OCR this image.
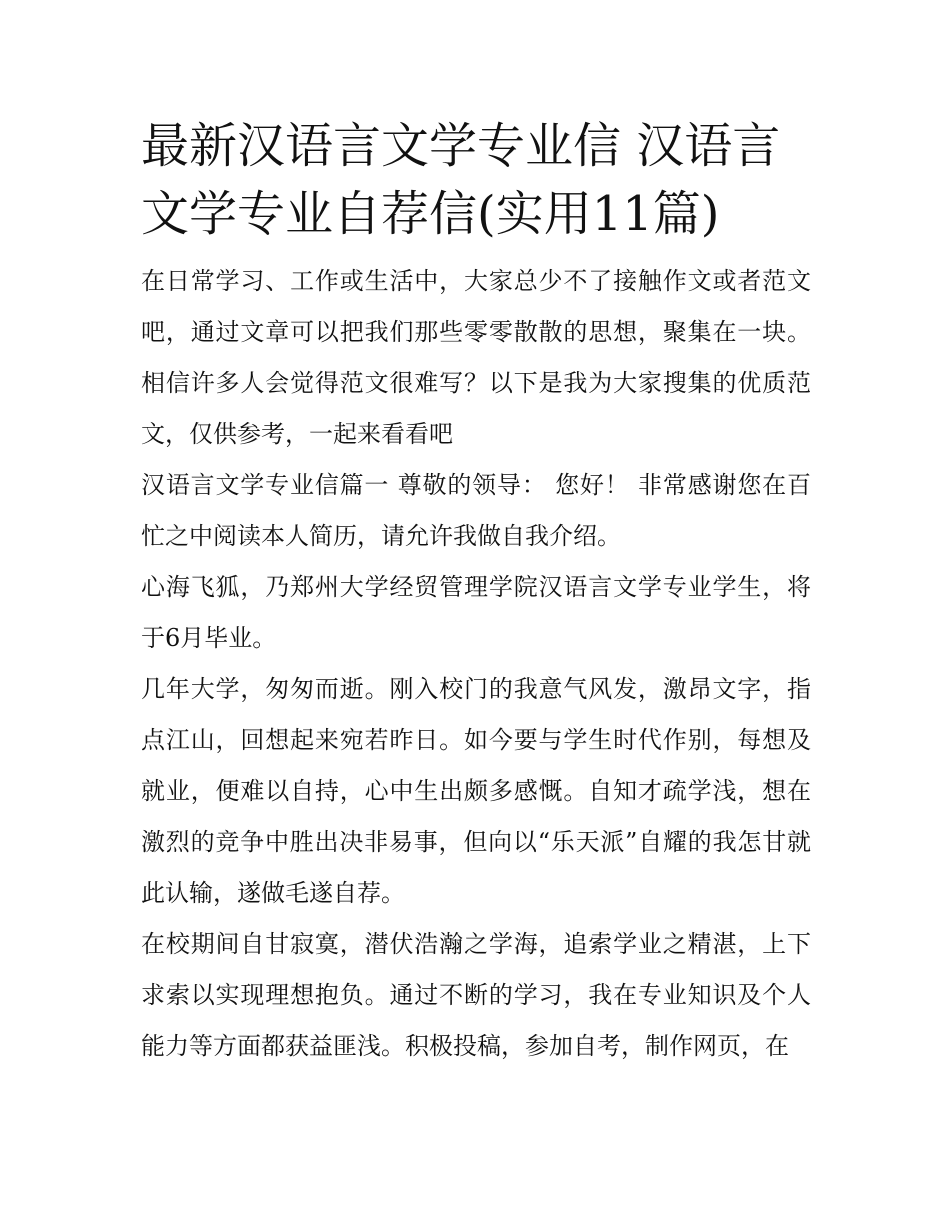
最新汉语言文学专业信 汉语言文学专业自荐信(实用11篇)

在日常学习、工作或生活中，大家总少不了接触作文或者范文吧，通过文章可以把我们那些零零散散的思想，聚集在一块。相信许多人会觉得范文很难写？以下是我为大家搜集的优质范文，仅供参考，一起来看看吧

汉语言文学专业信篇一 尊敬的领导： 您好！ 非常感谢您在百忙之中阅读本人简历，请允许我做自我介绍。

心海飞狐，乃郑州大学经贸管理学院汉语言文学专业学生，将于6月毕业。

几年大学，匆匆而逝。刚入校门的我意气风发，激昂文字，指点江山，回想起来宛若昨日。如今要与学生时代作别，每想及就业，便难以自持，心中生出颇多感慨。自知才疏学浅，想在激烈的竞争中胜出决非易事，但向以“乐天派”自耀的我怎甘就此认输，遂做毛遂自荐。

在校期间自甘寂寞，潜伏浩瀚之学海，追索学业之精湛，上下求索以实现理想抱负。通过不断的学习，我在专业知识及个人能力等方面都获益匪浅。积极投稿，参加自考，制作网页，在
